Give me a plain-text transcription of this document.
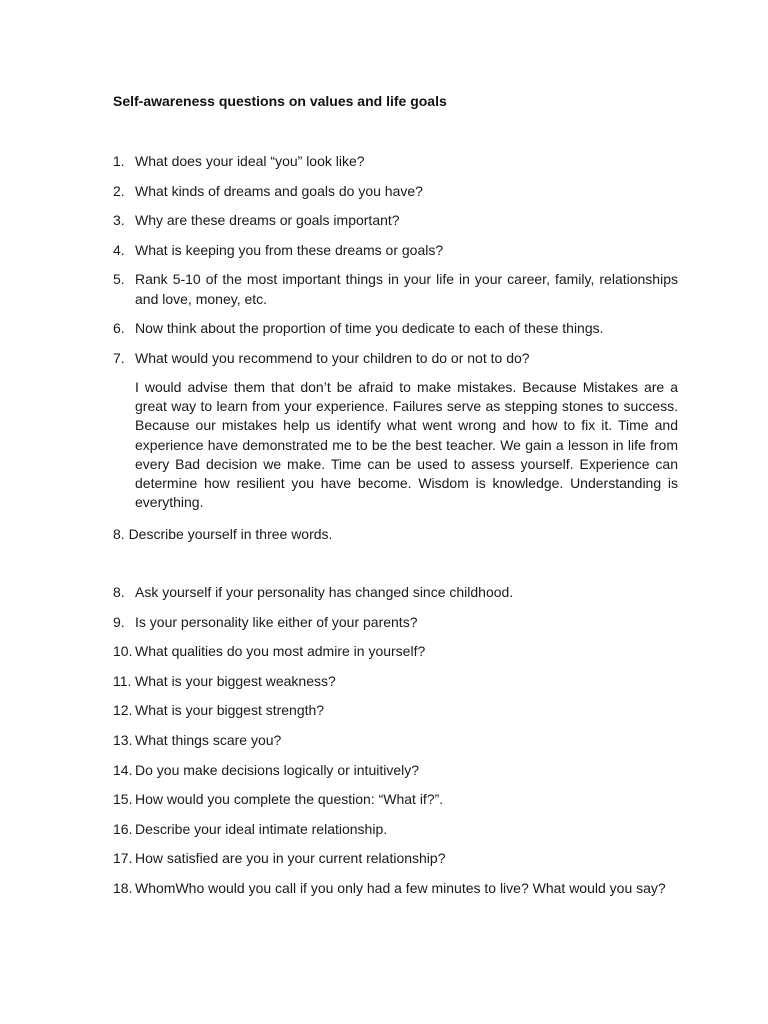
Self-awareness questions on values and life goals
1. What does your ideal “you” look like?
2. What kinds of dreams and goals do you have?
3. Why are these dreams or goals important?
4. What is keeping you from these dreams or goals?
5. Rank 5-10 of the most important things in your life in your career, family, relationships and love, money, etc.
6. Now think about the proportion of time you dedicate to each of these things.
7. What would you recommend to your children to do or not to do?
I would advise them that don’t be afraid to make mistakes. Because Mistakes are a great way to learn from your experience. Failures serve as stepping stones to success. Because our mistakes help us identify what went wrong and how to fix it. Time and experience have demonstrated me to be the best teacher. We gain a lesson in life from every Bad decision we make. Time can be used to assess yourself. Experience can determine how resilient you have become. Wisdom is knowledge. Understanding is everything.
8. Describe yourself in three words.
8. Ask yourself if your personality has changed since childhood.
9. Is your personality like either of your parents?
10. What qualities do you most admire in yourself?
11. What is your biggest weakness?
12. What is your biggest strength?
13. What things scare you?
14. Do you make decisions logically or intuitively?
15. How would you complete the question: “What if?”.
16. Describe your ideal intimate relationship.
17. How satisfied are you in your current relationship?
18. WhomWho would you call if you only had a few minutes to live? What would you say?
